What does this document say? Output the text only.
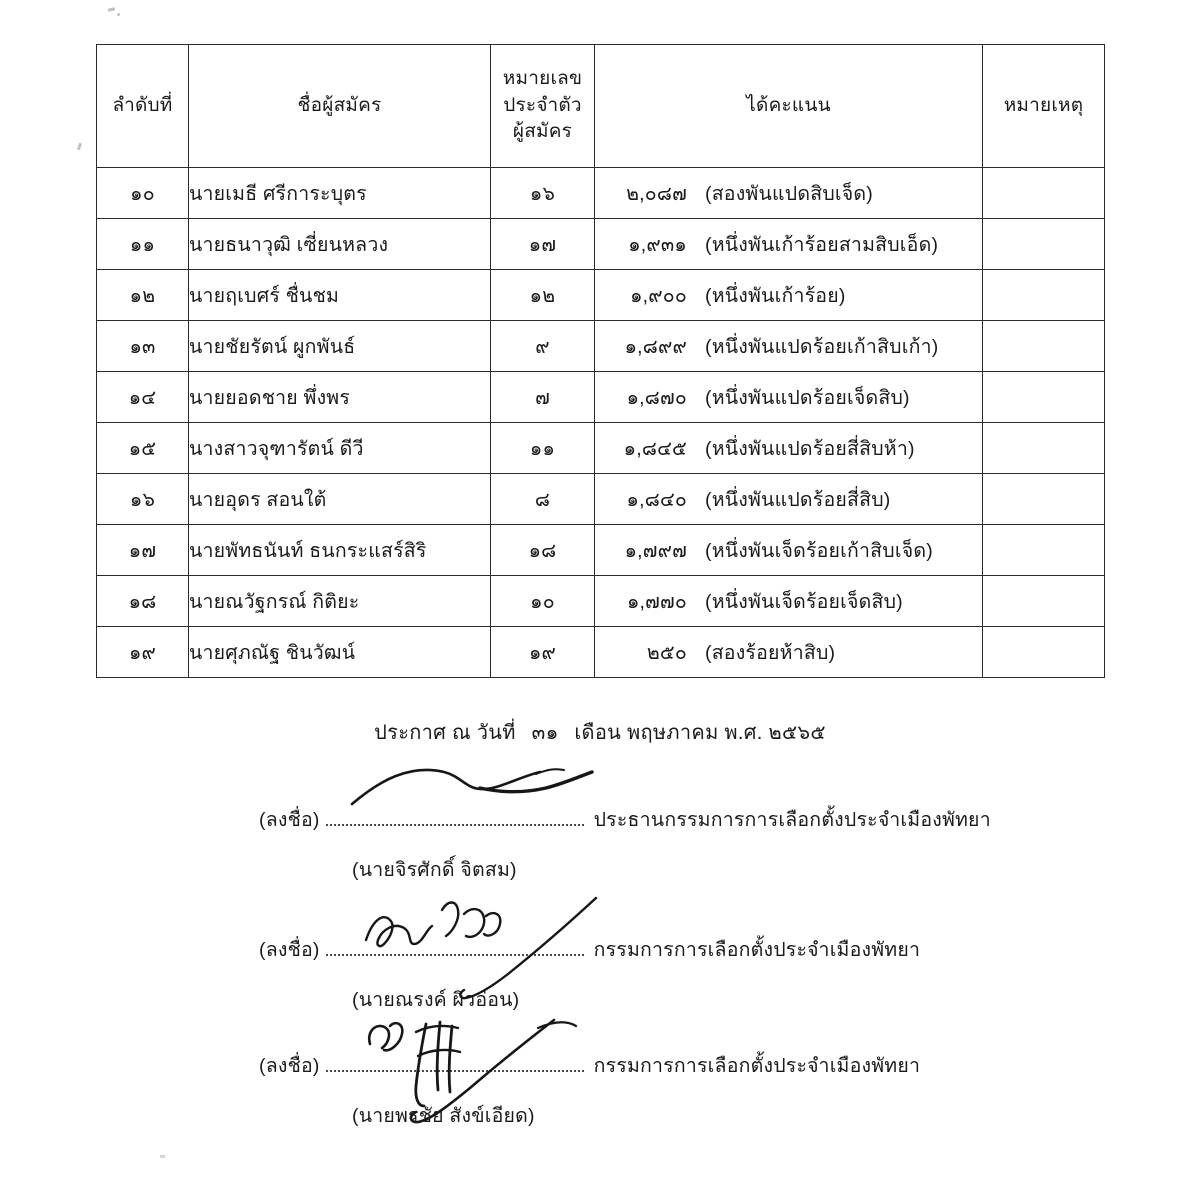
ลำดับที่	ชื่อผู้สมัคร	หมายเลข
ประจำตัว
ผู้สมัคร	ได้คะแนน	หมายเหตุ
๑๐	นายเมธี ศรีการะบุตร	๑๖	๒,๐๘๗ (สองพันแปดสิบเจ็ด)	

๑๑	นายธนาวุฒิ เซี่ยนหลวง	๑๗	๑,๙๓๑ (หนึ่งพันเก้าร้อยสามสิบเอ็ด)	

๑๒	นายฤเบศร์ ชื่นชม	๑๒	๑,๙๐๐ (หนึ่งพันเก้าร้อย)	

๑๓	นายชัยรัตน์ ผูกพันธ์	๙	๑,๘๙๙ (หนึ่งพันแปดร้อยเก้าสิบเก้า)	

๑๔	นายยอดชาย พึ่งพร	๗	๑,๘๗๐ (หนึ่งพันแปดร้อยเจ็ดสิบ)	

๑๕	นางสาวจุฑารัตน์ ดีวี	๑๑	๑,๘๔๕ (หนึ่งพันแปดร้อยสี่สิบห้า)	

๑๖	นายอุดร สอนใต้	๘	๑,๘๔๐ (หนึ่งพันแปดร้อยสี่สิบ)	

๑๗	นายพัทธนันท์ ธนกระแสร์สิริ	๑๘	๑,๗๙๗ (หนึ่งพันเจ็ดร้อยเก้าสิบเจ็ด)	

๑๘	นายณวัฐกรณ์ กิติยะ	๑๐	๑,๗๗๐ (หนึ่งพันเจ็ดร้อยเจ็ดสิบ)	

๑๙	นายศุภณัฐ ชินวัฒน์	๑๙	๒๕๐ (สองร้อยห้าสิบ)	

ประกาศ ณ วันที่ ๓๑ เดือน พฤษภาคม พ.ศ. ๒๕๖๕
(ลงชื่อ)	ประธานกรรมการการเลือกตั้งประจำเมืองพัทยา
(นายจิรศักดิ์ จิตสม)
(ลงชื่อ)	กรรมการการเลือกตั้งประจำเมืองพัทยา
(นายณรงค์ ผิวอ่อน)
(ลงชื่อ)	กรรมการการเลือกตั้งประจำเมืองพัทยา
(นายพรชัย สังข์เอียด)
